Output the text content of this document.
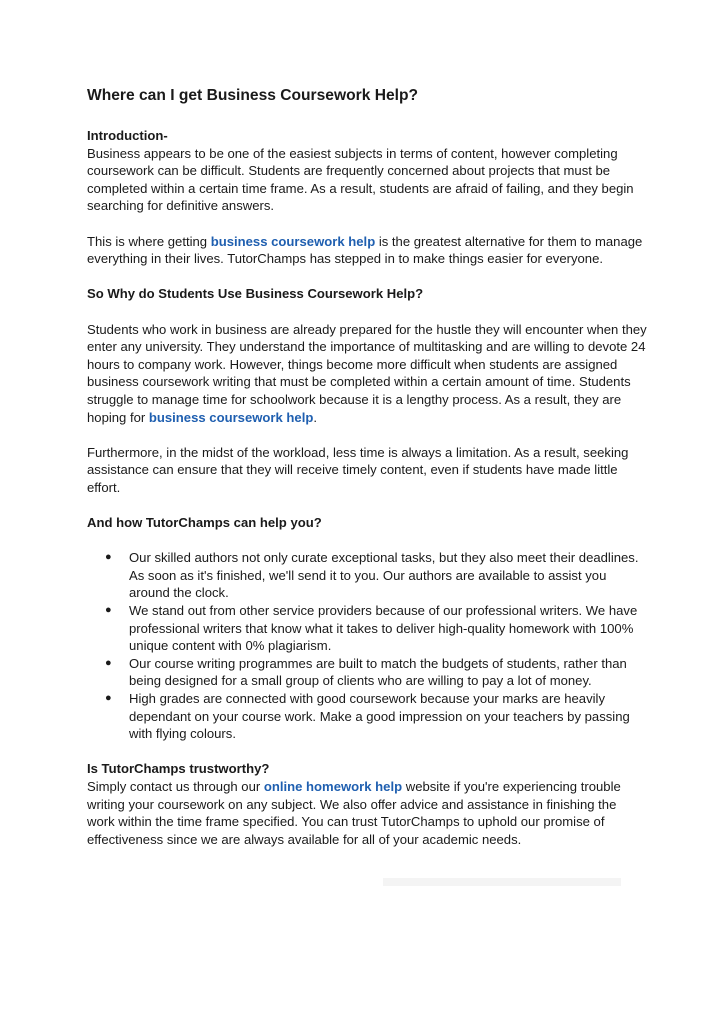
Where can I get Business Coursework Help?

Introduction-

Business appears to be one of the easiest subjects in terms of content, however completing coursework can be difficult. Students are frequently concerned about projects that must be completed within a certain time frame. As a result, students are afraid of failing, and they begin searching for definitive answers.

This is where getting business coursework help is the greatest alternative for them to manage everything in their lives. TutorChamps has stepped in to make things easier for everyone.

So Why do Students Use Business Coursework Help?

Students who work in business are already prepared for the hustle they will encounter when they enter any university. They understand the importance of multitasking and are willing to devote 24 hours to company work. However, things become more difficult when students are assigned business coursework writing that must be completed within a certain amount of time. Students struggle to manage time for schoolwork because it is a lengthy process. As a result, they are hoping for business coursework help.

Furthermore, in the midst of the workload, less time is always a limitation. As a result, seeking assistance can ensure that they will receive timely content, even if students have made little effort.

And how TutorChamps can help you?

● Our skilled authors not only curate exceptional tasks, but they also meet their deadlines. As soon as it's finished, we'll send it to you. Our authors are available to assist you around the clock.
● We stand out from other service providers because of our professional writers. We have professional writers that know what it takes to deliver high-quality homework with 100% unique content with 0% plagiarism.
● Our course writing programmes are built to match the budgets of students, rather than being designed for a small group of clients who are willing to pay a lot of money.
● High grades are connected with good coursework because your marks are heavily dependant on your course work. Make a good impression on your teachers by passing with flying colours.

Is TutorChamps trustworthy?

Simply contact us through our online homework help website if you're experiencing trouble writing your coursework on any subject. We also offer advice and assistance in finishing the work within the time frame specified. You can trust TutorChamps to uphold our promise of effectiveness since we are always available for all of your academic needs.
